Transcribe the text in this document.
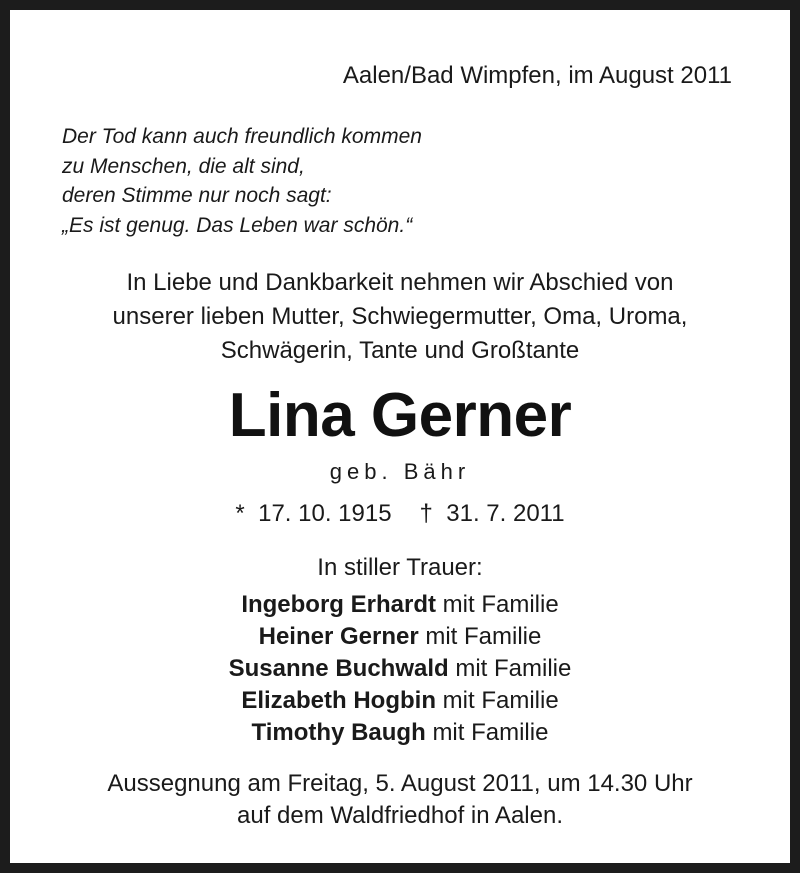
Aalen/Bad Wimpfen, im August 2011
Der Tod kann auch freundlich kommen
zu Menschen, die alt sind,
deren Stimme nur noch sagt:
„Es ist genug. Das Leben war schön.“
In Liebe und Dankbarkeit nehmen wir Abschied von
unserer lieben Mutter, Schwiegermutter, Oma, Uroma,
Schwägerin, Tante und Großtante
Lina Gerner
geb. Bähr
* 17. 10. 1915 † 31. 7. 2011
In stiller Trauer:
Ingeborg Erhardt mit Familie
Heiner Gerner mit Familie
Susanne Buchwald mit Familie
Elizabeth Hogbin mit Familie
Timothy Baugh mit Familie
Aussegnung am Freitag, 5. August 2011, um 14.30 Uhr
auf dem Waldfriedhof in Aalen.
